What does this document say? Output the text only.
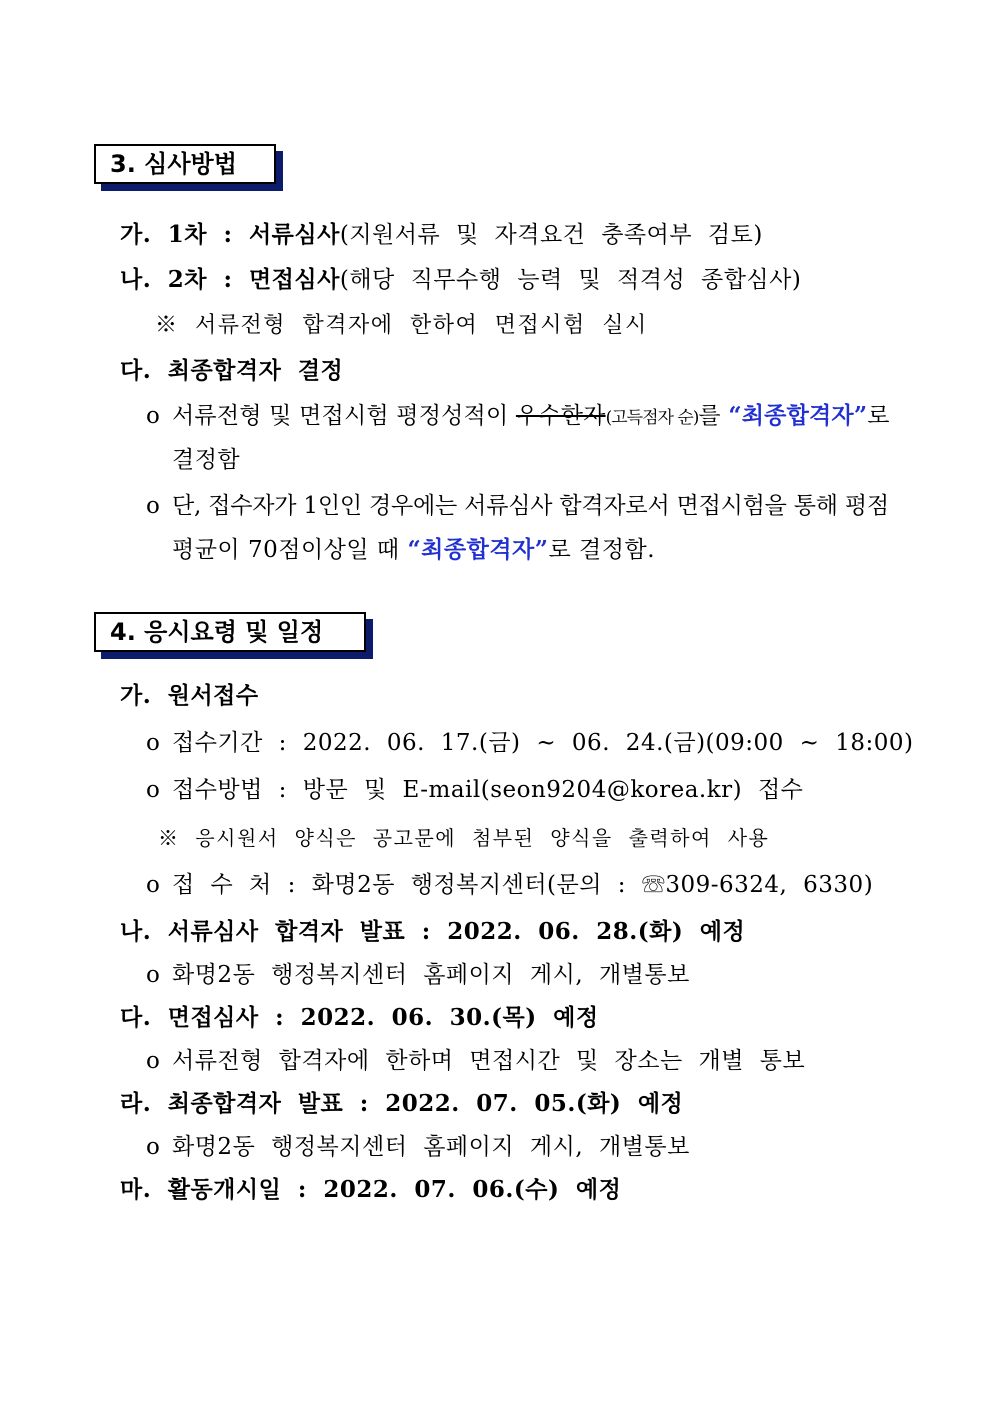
3. 심사방법
가. 1차 : 서류심사(지원서류 및 자격요건 충족여부 검토)
나. 2차 : 면접심사(해당 직무수행 능력 및 적격성 종합심사)
※ 서류전형 합격자에 한하여 면접시험 실시
다. 최종합격자 결정
o 서류전형 및 면접시험 평정성적이 우수한자(고득점자 순)를 “최종합격자”로
결정함
o 단, 접수자가 1인인 경우에는 서류심사 합격자로서 면접시험을 통해 평점
평균이 70점이상일 때 “최종합격자”로 결정함.
4. 응시요령 및 일정
가. 원서접수
o 접수기간 : 2022. 06. 17.(금) ~ 06. 24.(금)(09:00 ~ 18:00)
o 접수방법 : 방문 및 E-mail(seon9204@korea.kr) 접수
※ 응시원서 양식은 공고문에 첨부된 양식을 출력하여 사용
o 접 수 처 : 화명2동 행정복지센터(문의 : ☏309-6324, 6330)
나. 서류심사 합격자 발표 : 2022. 06. 28.(화) 예정
o 화명2동 행정복지센터 홈페이지 게시, 개별통보
다. 면접심사 : 2022. 06. 30.(목) 예정
o 서류전형 합격자에 한하며 면접시간 및 장소는 개별 통보
라. 최종합격자 발표 : 2022. 07. 05.(화) 예정
o 화명2동 행정복지센터 홈페이지 게시, 개별통보
마. 활동개시일 : 2022. 07. 06.(수) 예정
